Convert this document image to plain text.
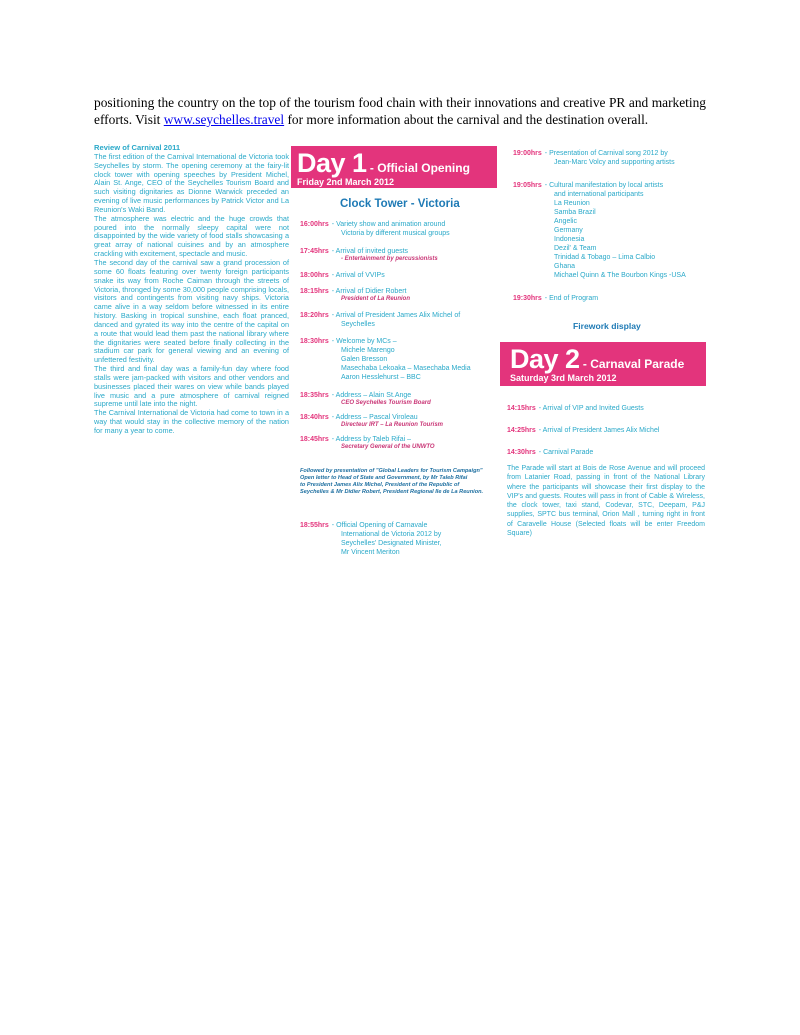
positioning the country on the top of the tourism food chain with their innovations and creative PR and marketing efforts. Visit www.seychelles.travel for more information about the carnival and the destination overall.
Review of Carnival 2011

The first edition of the Carnival International de Victoria took Seychelles by storm. The opening ceremony at the fairy-lit clock tower with opening speeches by President Michel, Alain St. Ange, CEO of the Seychelles Tourism Board and such visiting dignitaries as Dionne Warwick preceded an evening of live music performances by Patrick Victor and La Reunion's Waki Band.

The atmosphere was electric and the huge crowds that poured into the normally sleepy capital were not disappointed by the wide variety of food stalls showcasing a great array of national cuisines and by an atmosphere crackling with excitement, spectacle and music.

The second day of the carnival saw a grand procession of some 60 floats featuring over twenty foreign participants snake its way from Roche Caiman through the streets of Victoria, thronged by some 30,000 people comprising locals, visitors and contingents from visiting navy ships. Victoria came alive in a way seldom before witnessed in its entire history. Basking in tropical sunshine, each float pranced, danced and gyrated its way into the centre of the capital on a route that would lead them past the national library where the dignitaries were seated before finally collecting in the stadium car park for general viewing and an evening of unfettered festivity.

The third and final day was a family-fun day where food stalls were jam-packed with visitors and other vendors and businesses placed their wares on view while bands played live music and a pure atmosphere of carnival reigned supreme until late into the night.

The Carnival International de Victoria had come to town in a way that would stay in the collective memory of the nation for many a year to come.

Day 1 - Official Opening
Friday 2nd March 2012
Clock Tower - Victoria
16:00hrs - Variety show and animation around
Victoria by different musical groups
17:45hrs - Arrival of invited guests
- Entertainment by percussionists
18:00hrs - Arrival of VVIPs
18:15hrs - Arrival of Didier Robert
President of La Reunion
18:20hrs - Arrival of President James Alix Michel of
Seychelles
18:30hrs - Welcome by MCs –
Michele Marengo
Galen Bresson
Masechaba Lekoaka – Masechaba Media
Aaron Hesslehurst – BBC
18:35hrs - Address – Alain St.Ange
CEO Seychelles Tourism Board
18:40hrs - Address – Pascal Viroleau
Directeur IRT – La Reunion Tourism
18:45hrs - Address by Taleb Rifai –
Secretary General of the UNWTO
Followed by presentation of "Global Leaders for Tourism Campaign"
Open letter to Head of State and Government, by Mr Taleb Rifai
to President James Alix Michel, President of the Republic of
Seychelles & Mr Didier Robert, President Regional Ile de La Reunion.
18:55hrs - Official Opening of Carnavale
International de Victoria 2012 by
Seychelles' Designated Minister,
Mr Vincent Meriton
19:00hrs - Presentation of Carnival song 2012 by
Jean-Marc Volcy and supporting artists
19:05hrs - Cultural manifestation by local artists
and international participants
La Reunion
Samba Brazil
Angelic
Germany
Indonesia
Dezil' & Team
Trinidad & Tobago – Lima Calbio
Ghana
Michael Quinn & The Bourbon Kings -USA
19:30hrs - End of Program
Firework display
Day 2 - Carnaval Parade
Saturday 3rd March 2012
14:15hrs - Arrival of VIP and Invited Guests
14:25hrs - Arrival of President James Alix Michel
14:30hrs - Carnival Parade
The Parade will start at Bois de Rose Avenue and will proceed from Latanier Road, passing in front of the National Library where the participants will showcase their first display to the VIP's and guests. Routes will pass in front of Cable & Wireless, the clock tower, taxi stand, Codevar, STC, Deepam, P&J supplies, SPTC bus terminal, Orion Mall , turning right in front of Caravelle House (Selected floats will be enter Freedom Square)
